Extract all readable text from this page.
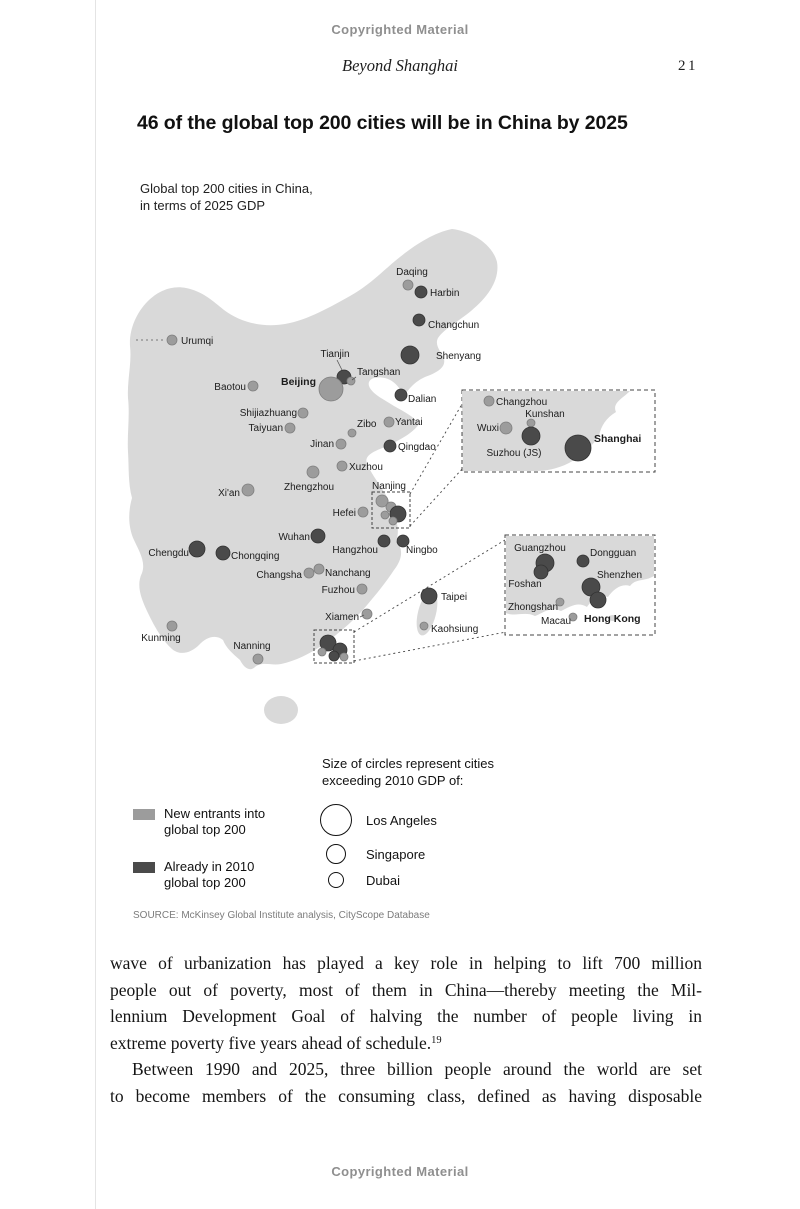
Copyrighted Material
Beyond Shanghai	21
46 of the global top 200 cities will be in China by 2025
Global top 200 cities in China,
in terms of 2025 GDP
Urumqi
Daqing
Harbin
Changchun
Shenyang
Tianjin
Beijing
Tangshan
Baotou
Dalian
Shijiazhuang
Taiyuan	Zibo Yantai
Jinan	Qingdao
Xuzhou
Zhengzhou
Xi'an
Nanjing
Hefei
Wuhan
Hangzhou	Ningbo
Chengdu	Chongqing
Changsha Nanchang
Fuzhou
Taipei
Xiamen
Kaohsiung
Kunming
Nanning
Changzhou
Kunshan
Wuxi
Suzhou (JS)
Shanghai
Guangzhou Dongguan
Shenzhen
Foshan
Zhongshan
Macau Hong Kong
Size of circles represent cities
exceeding 2010 GDP of:
Los Angeles
Singapore
Dubai
New entrants into
global top 200
Already in 2010
global top 200
SOURCE: McKinsey Global Institute analysis, CityScope Database
wave of urbanization has played a key role in helping to lift 700 million
people out of poverty, most of them in China—thereby meeting the Mil-
lennium Development Goal of halving the number of people living in
extreme poverty five years ahead of schedule.$^{19}$
Between 1990 and 2025, three billion people around the world are set
to become members of the consuming class, defined as having disposable
Copyrighted Material
